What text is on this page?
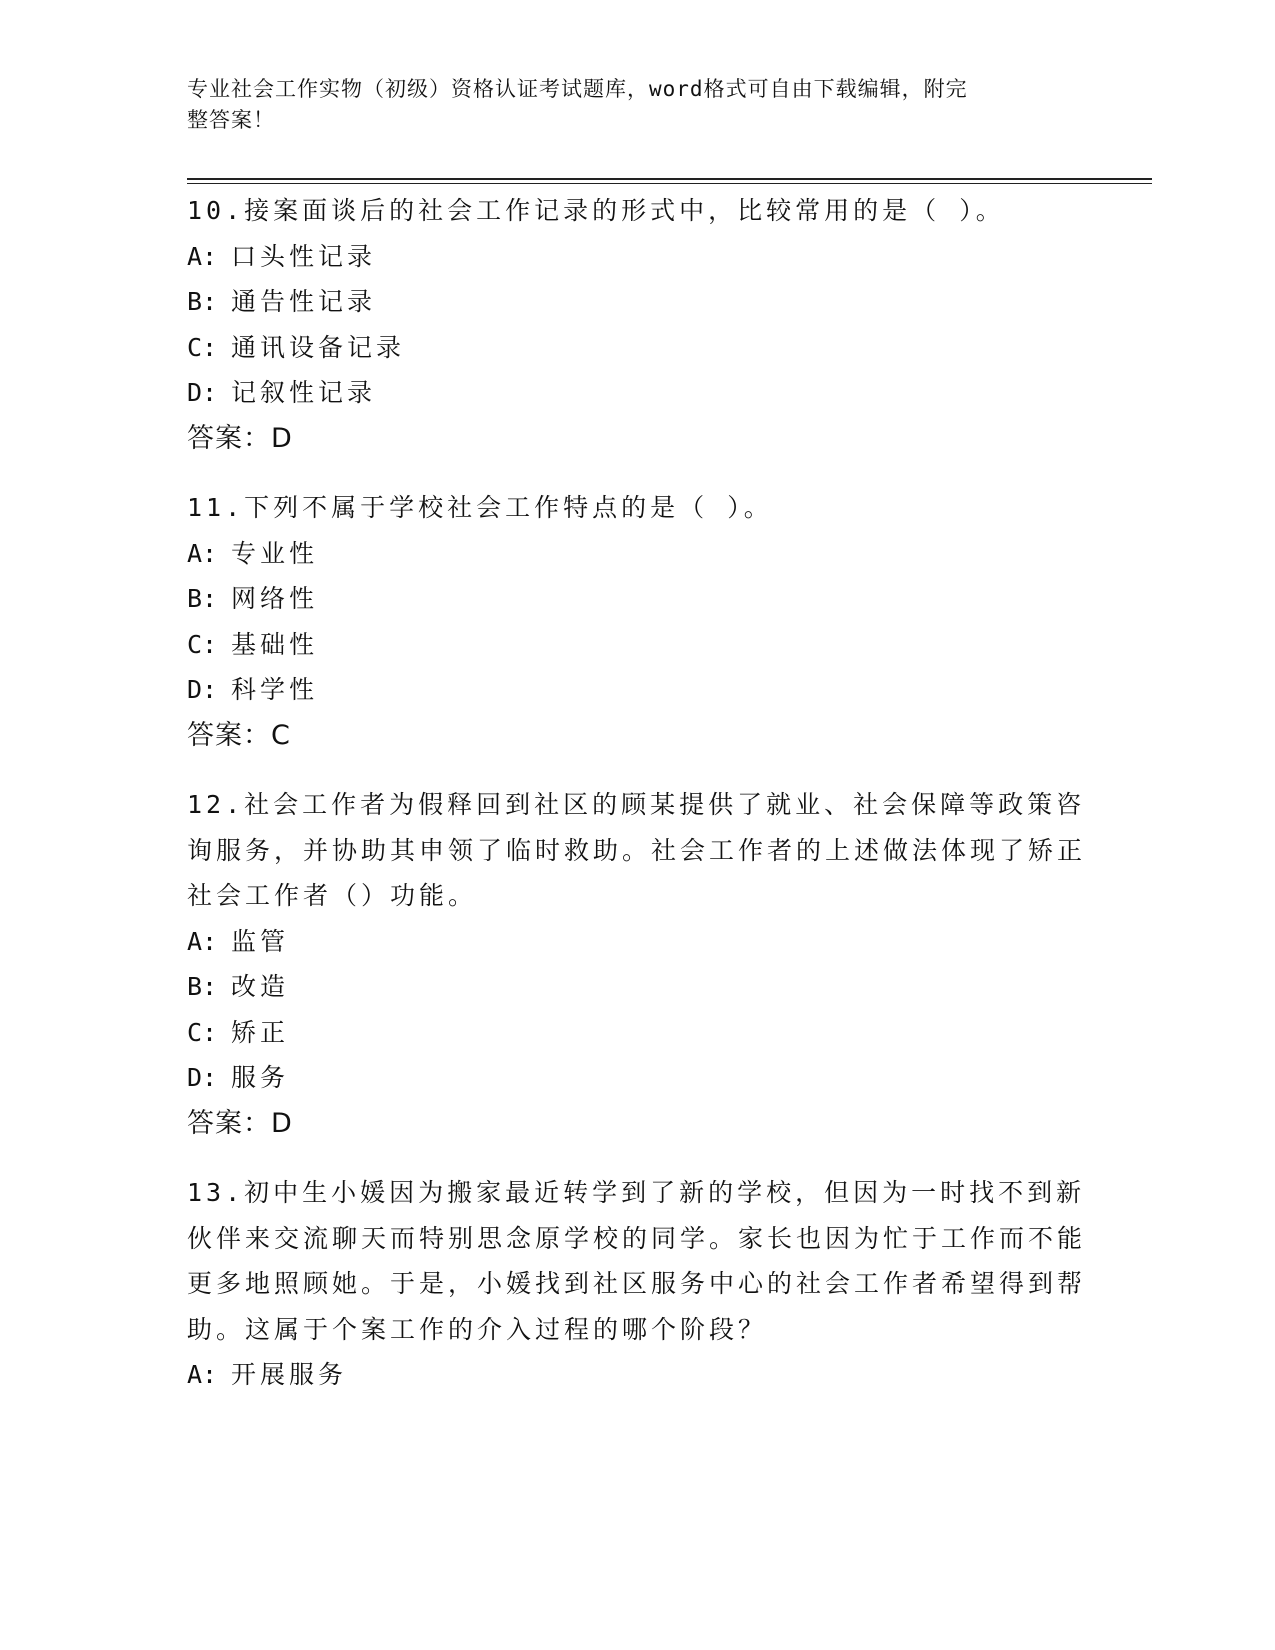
专业社会工作实物（初级）资格认证考试题库，word格式可自由下载编辑，附完
整答案！

10.接案面谈后的社会工作记录的形式中，比较常用的是（ ）。

A: 口头性记录

B: 通告性记录

C: 通讯设备记录

D: 记叙性记录

答案：D

11.下列不属于学校社会工作特点的是（ ）。

A: 专业性

B: 网络性

C: 基础性

D: 科学性

答案：C

12.社会工作者为假释回到社区的顾某提供了就业、社会保障等政策咨询服务，并协助其申领了临时救助。社会工作者的上述做法体现了矫正社会工作者（）功能。

A: 监管

B: 改造

C: 矫正

D: 服务

答案：D

13.初中生小媛因为搬家最近转学到了新的学校，但因为一时找不到新伙伴来交流聊天而特别思念原学校的同学。家长也因为忙于工作而不能更多地照顾她。于是，小媛找到社区服务中心的社会工作者希望得到帮助。这属于个案工作的介入过程的哪个阶段？

A: 开展服务
